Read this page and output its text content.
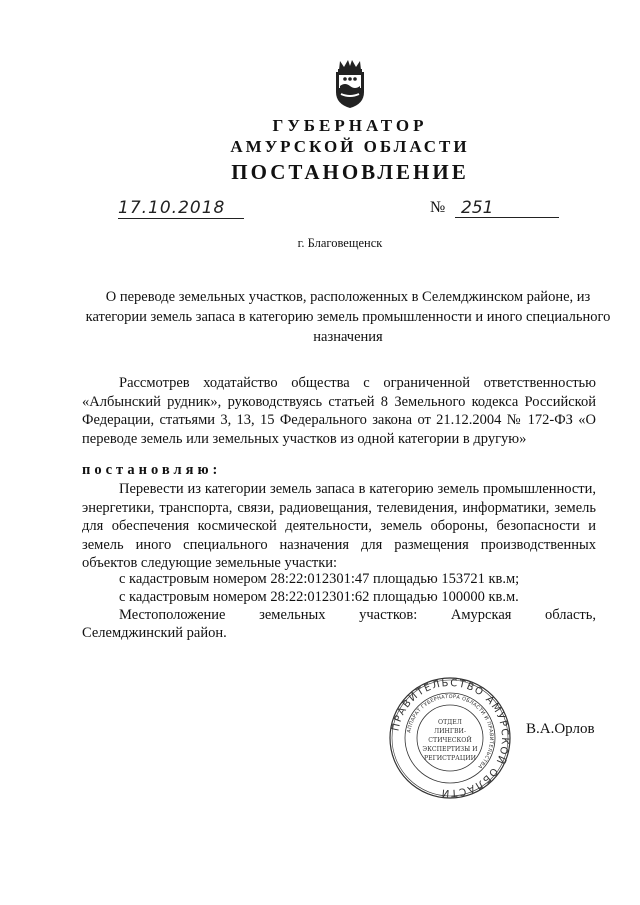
ГУБЕРНАТОР
АМУРСКОЙ ОБЛАСТИ
ПОСТАНОВЛЕНИЕ
17.10.2018	№ 251
г. Благовещенск
О переводе земельных участков, расположенных в Селемджинском районе, из категории земель запаса в категорию земель промышленности и иного специального назначения

Рассмотрев ходатайство общества с ограниченной ответственностью «Албынский рудник», руководствуясь статьей 8 Земельного кодекса Российской Федерации, статьями 3, 13, 15 Федерального закона от 21.12.2004 № 172-ФЗ «О переводе земель или земельных участков из одной категории в другую»

постановляю:

Перевести из категории земель запаса в категорию земель промышленности, энергетики, транспорта, связи, радиовещания, телевидения, информатики, земель для обеспечения космической деятельности, земель обороны, безопасности и земель иного специального назначения для размещения производственных объектов следующие земельные участки:

с кадастровым номером 28:22:012301:47 площадью 153721 кв.м;
с кадастровым номером 28:22:012301:62 площадью 100000 кв.м.
Местоположение земельных участков: Амурская область,
Селемджинский район.
ПРАВИТЕЛЬСТВО АМУРСКОЙ ОБЛАСТИ
АППАРАТ ГУБЕРНАТОРА ОБЛАСТИ И ПРАВИТЕЛЬСТВА
ОТДЕЛ
ЛИНГВИ-
СТИЧЕСКОЙ
ЭКСПЕРТИЗЫ И
РЕГИСТРАЦИИ
В.А.Орлов
